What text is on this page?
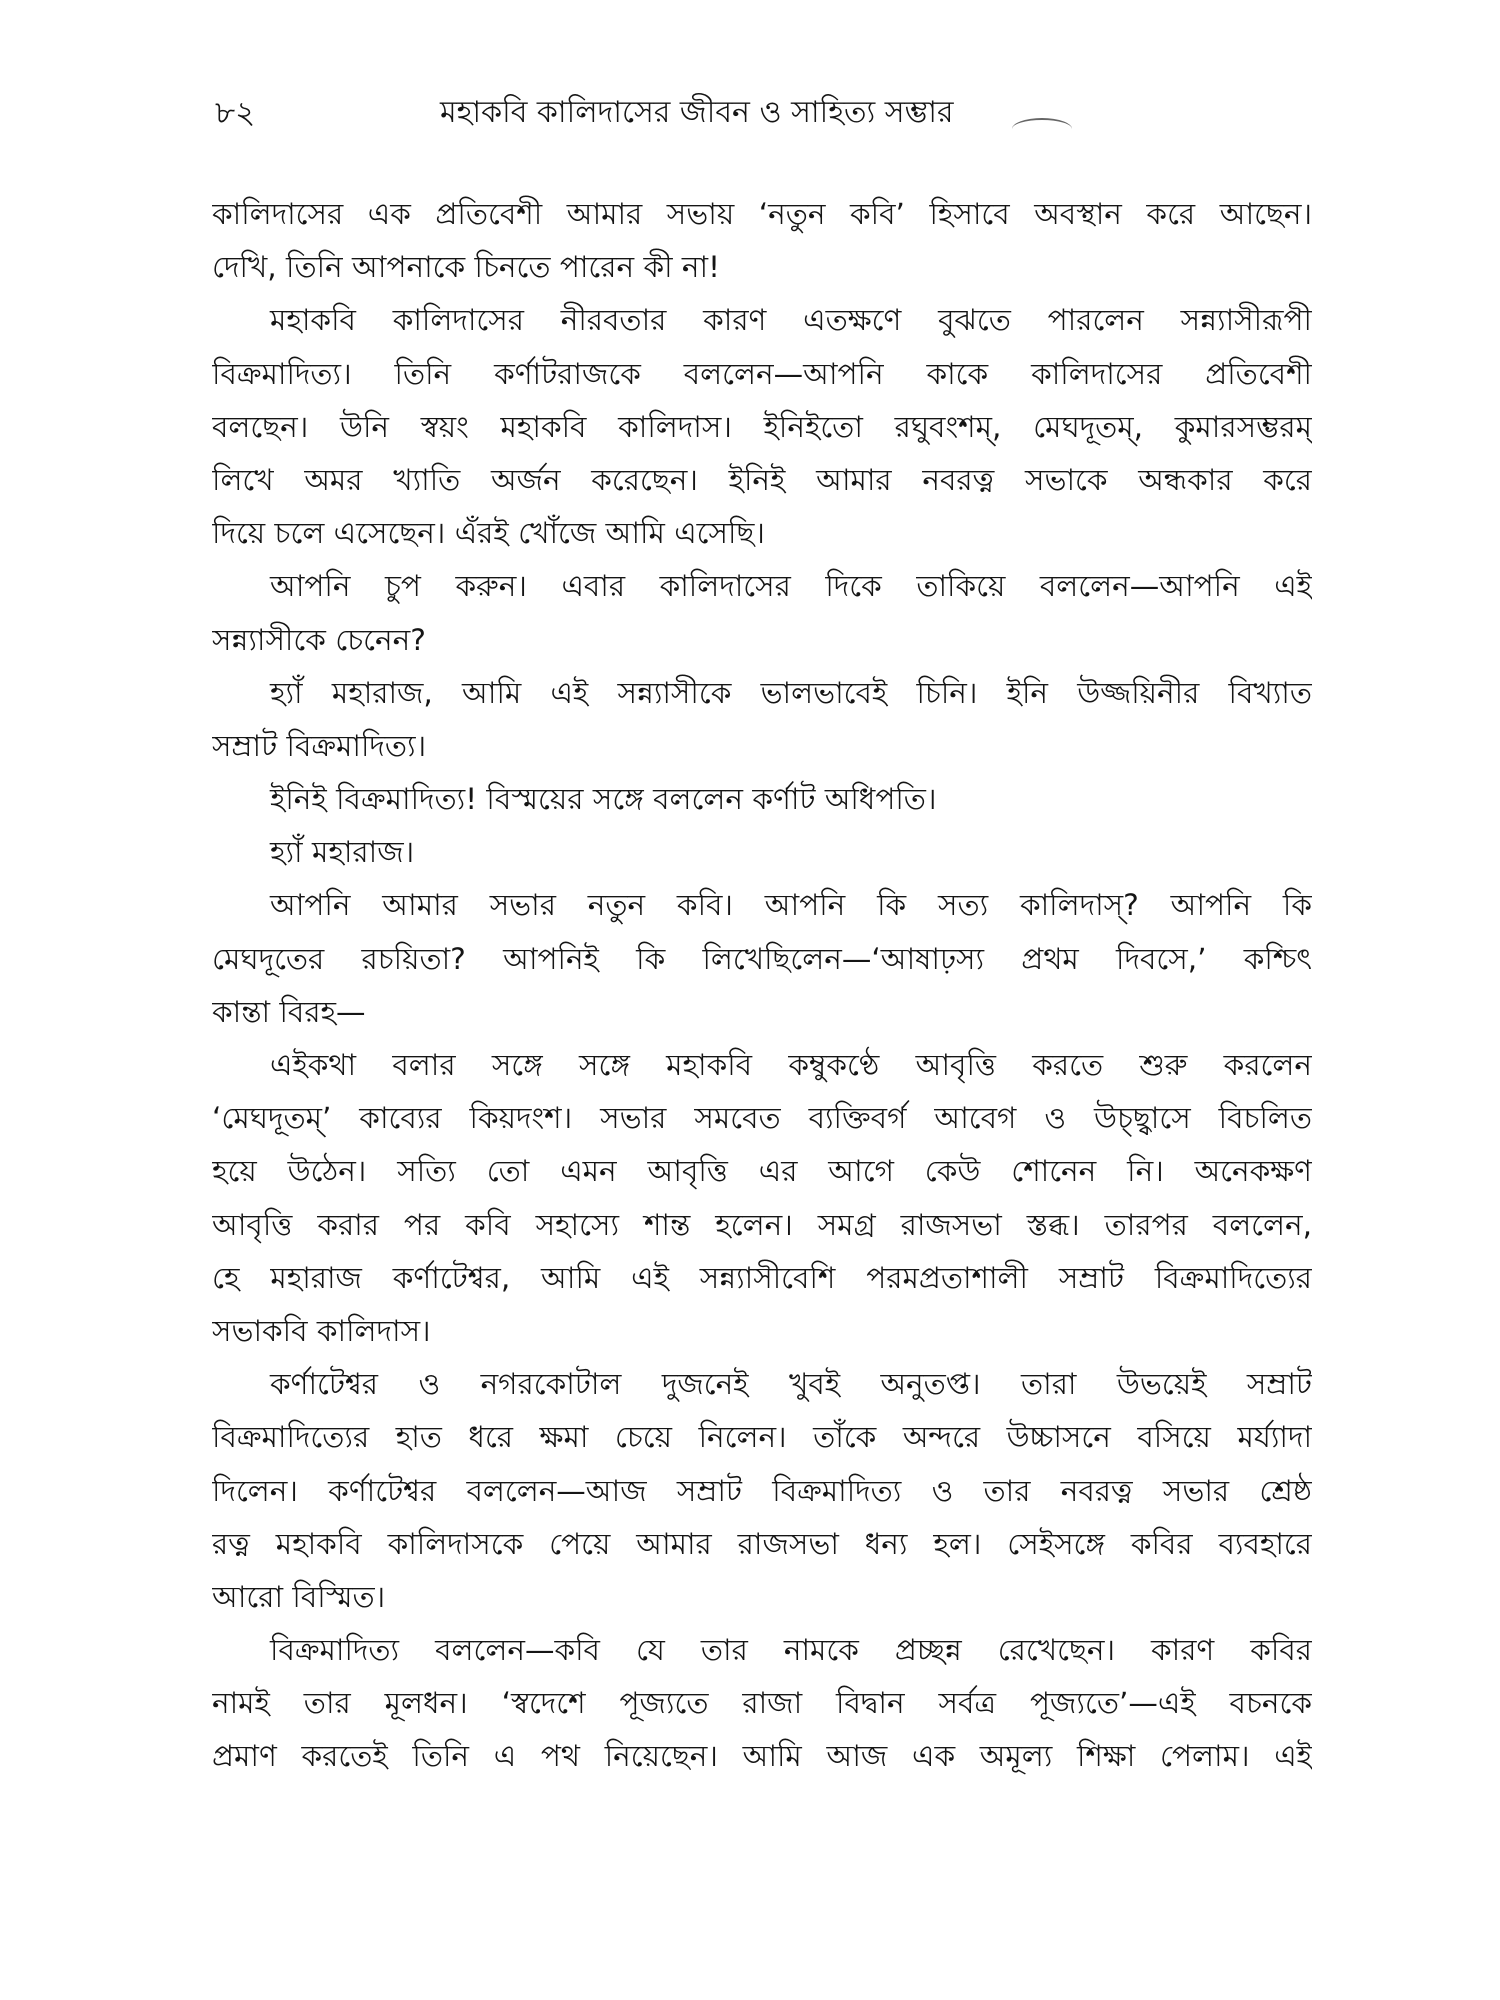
৮২	মহাকবি কালিদাসের জীবন ও সাহিত্য সম্ভার
কালিদাসের এক প্রতিবেশী আমার সভায় ‘নতুন কবি’ হিসাবে অবস্থান করে আছেন।
দেখি, তিনি আপনাকে চিনতে পারেন কী না!
মহাকবি কালিদাসের নীরবতার কারণ এতক্ষণে বুঝতে পারলেন সন্ন্যাসীরূপী
বিক্রমাদিত্য। তিনি কর্ণাটরাজকে বললেন—আপনি কাকে কালিদাসের প্রতিবেশী
বলছেন। উনি স্বয়ং মহাকবি কালিদাস। ইনিইতো রঘুবংশম্, মেঘদূতম্, কুমারসম্ভরম্
লিখে অমর খ্যাতি অর্জন করেছেন। ইনিই আমার নবরত্ন সভাকে অন্ধকার করে
দিয়ে চলে এসেছেন। এঁরই খোঁজে আমি এসেছি।
আপনি চুপ করুন। এবার কালিদাসের দিকে তাকিয়ে বললেন—আপনি এই
সন্ন্যাসীকে চেনেন?
হ্যাঁ মহারাজ, আমি এই সন্ন্যাসীকে ভালভাবেই চিনি। ইনি উজ্জয়িনীর বিখ্যাত
সম্রাট বিক্রমাদিত্য।
ইনিই বিক্রমাদিত্য! বিস্ময়ের সঙ্গে বললেন কর্ণাট অধিপতি।
হ্যাঁ মহারাজ।
আপনি আমার সভার নতুন কবি। আপনি কি সত্য কালিদাস্? আপনি কি
মেঘদূতের রচয়িতা? আপনিই কি লিখেছিলেন—‘আষাঢ়স্য প্রথম দিবসে,’ কশ্চিৎ
কান্তা বিরহ—
এইকথা বলার সঙ্গে সঙ্গে মহাকবি কম্বুকণ্ঠে আবৃত্তি করতে শুরু করলেন
‘মেঘদূতম্’ কাব্যের কিয়দংশ। সভার সমবেত ব্যক্তিবর্গ আবেগ ও উচ্ছ্বাসে বিচলিত
হয়ে উঠেন। সত্যি তো এমন আবৃত্তি এর আগে কেউ শোনেন নি। অনেকক্ষণ
আবৃত্তি করার পর কবি সহাস্যে শান্ত হলেন। সমগ্র রাজসভা স্তব্ধ। তারপর বললেন,
হে মহারাজ কর্ণাটেশ্বর, আমি এই সন্ন্যাসীবেশি পরমপ্রতাশালী সম্রাট বিক্রমাদিত্যের
সভাকবি কালিদাস।
কর্ণাটেশ্বর ও নগরকোটাল দুজনেই খুবই অনুতপ্ত। তারা উভয়েই সম্রাট
বিক্রমাদিত্যের হাত ধরে ক্ষমা চেয়ে নিলেন। তাঁকে অন্দরে উচ্চাসনে বসিয়ে মর্য্যাদা
দিলেন। কর্ণাটেশ্বর বললেন—আজ সম্রাট বিক্রমাদিত্য ও তার নবরত্ন সভার শ্রেষ্ঠ
রত্ন মহাকবি কালিদাসকে পেয়ে আমার রাজসভা ধন্য হল। সেইসঙ্গে কবির ব্যবহারে
আরো বিস্মিত।
বিক্রমাদিত্য বললেন—কবি যে তার নামকে প্রচ্ছন্ন রেখেছেন। কারণ কবির
নামই তার মূলধন। ‘স্বদেশে পূজ্যতে রাজা বিদ্বান সর্বত্র পূজ্যতে’—এই বচনকে
প্রমাণ করতেই তিনি এ পথ নিয়েছেন। আমি আজ এক অমূল্য শিক্ষা পেলাম। এই
